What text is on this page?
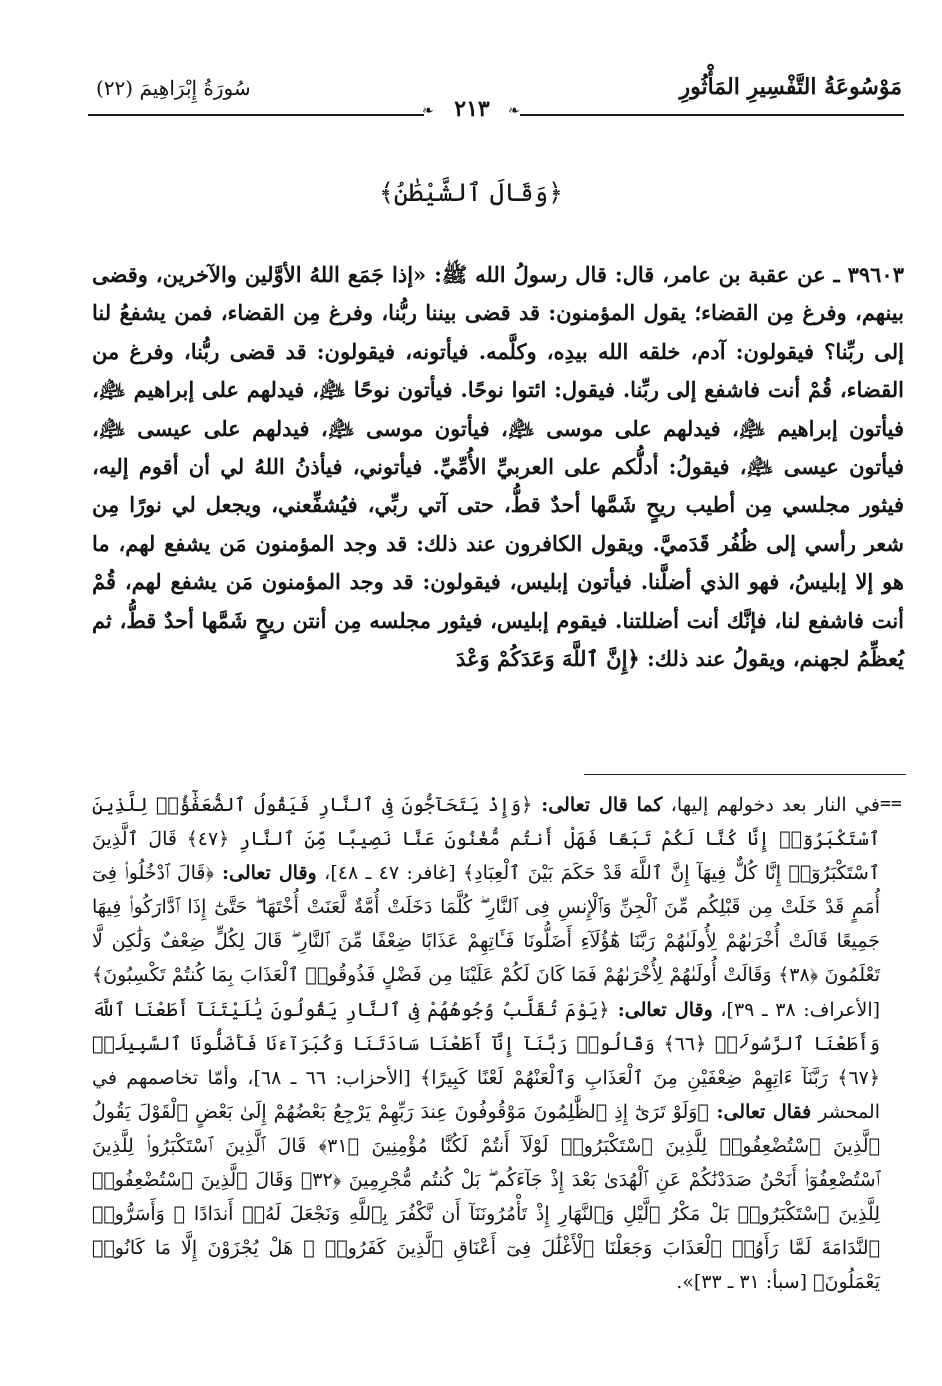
مَوْسُوعَةُ التَّفْسِيرِ المَأْثُورِ
سُورَةُ إِبْرَاهِيمَ (٢٢)
❧ ٢١٣	❧
﴿وَقَالَ ٱلشَّيْطَٰنُ﴾

٣٩٦٠٣ ـ عن عقبة بن عامر، قال: قال رسولُ الله ﷺ: «إذا جَمَع اللهُ الأوَّلين والآخرين، وقضى بينهم، وفرغ مِن القضاء؛ يقول المؤمنون: قد قضى بيننا ربُّنا، وفرغ مِن القضاء، فمن يشفعُ لنا إلى ربِّنا؟ فيقولون: آدم، خلقه الله بيدِه، وكلَّمه. فيأتونه، فيقولون: قد قضى ربُّنا، وفرغ من القضاء، قُمْ أنت فاشفع إلى ربِّنا. فيقول: ائتوا نوحًا. فيأتون نوحًا ﵇، فيدلهم على إبراهيم ﵇، فيأتون إبراهيم ﵇، فيدلهم على موسى ﵇، فيأتون موسى ﵇، فيدلهم على عيسى ﵇، فيأتون عيسى ﵇، فيقولُ: أدلُّكم على العربيِّ الأُمِّيِّ. فيأتوني، فيأذنُ اللهُ لي أن أقوم إليه، فيثور مجلسي مِن أطيب ريحٍ شَمَّها أحدٌ قطُّ، حتى آتي ربِّي، فيُشفِّعني، ويجعل لي نورًا مِن شعر رأسي إلى ظُفُر قَدَميَّ. ويقول الكافرون عند ذلك: قد وجد المؤمنون مَن يشفع لهم، ما هو إلا إبليسُ، فهو الذي أضلَّنا. فيأتون إبليس، فيقولون: قد وجد المؤمنون مَن يشفع لهم، قُمْ أنت فاشفع لنا، فإنَّك أنت أضللتنا. فيقوم إبليس، فيثور مجلسه مِن أنتن ريحٍ شَمَّها أحدٌ قطُّ، ثم يُعظِّمُ لجهنم، ويقولُ عند ذلك: ﴿إِنَّ ٱللَّهَ وَعَدَكُمْ وَعْدَ

==

في النار بعد دخولهم إليها، كما قال تعالى: ﴿وَإِذْ يَتَحَآجُّونَ فِى ٱلنَّارِ فَيَقُولُ ٱلضُّعَفَٰٓؤُا۟ لِلَّذِينَ ٱسْتَكْبَرُوٓا۟ إِنَّا كُنَّا لَكُمْ تَبَعًا فَهَلْ أَنتُم مُّغْنُونَ عَنَّا نَصِيبًا مِّنَ ٱلنَّارِ ﴿٤٧﴾ قَالَ ٱلَّذِينَ ٱسْتَكْبَرُوٓا۟ إِنَّا كُلٌّ فِيهَآ إِنَّ ٱللَّهَ قَدْ حَكَمَ بَيْنَ ٱلْعِبَادِ﴾ [غافر: ٤٧ ـ ٤٨]، وقال تعالى: ﴿قَالَ ٱدْخُلُوا۟ فِىٓ أُمَمٍ قَدْ خَلَتْ مِن قَبْلِكُم مِّنَ ٱلْجِنِّ وَٱلْإِنسِ فِى ٱلنَّارِ ۖ كُلَّمَا دَخَلَتْ أُمَّةٌ لَّعَنَتْ أُخْتَهَا ۖ حَتَّىٰٓ إِذَا ٱدَّارَكُوا۟ فِيهَا جَمِيعًا قَالَتْ أُخْرَىٰهُمْ لِأُولَىٰهُمْ رَبَّنَا هَٰٓؤُلَآءِ أَضَلُّونَا فَـَٔاتِهِمْ عَذَابًا ضِعْفًا مِّنَ ٱلنَّارِ ۖ قَالَ لِكُلٍّ ضِعْفٌ وَلَٰكِن لَّا تَعْلَمُونَ ﴿٣٨﴾ وَقَالَتْ أُولَىٰهُمْ لِأُخْرَىٰهُمْ فَمَا كَانَ لَكُمْ عَلَيْنَا مِن فَضْلٍ فَذُوقُوا۟ ٱلْعَذَابَ بِمَا كُنتُمْ تَكْسِبُونَ﴾ [الأعراف: ٣٨ ـ ٣٩]، وقال تعالى: ﴿يَوْمَ تُقَلَّبُ وُجُوهُهُمْ فِى ٱلنَّارِ يَقُولُونَ يَٰلَيْتَنَآ أَطَعْنَا ٱللَّهَ وَأَطَعْنَا ٱلرَّسُولَا۠ ﴿٦٦﴾ وَقَالُوا۟ رَبَّنَآ إِنَّآ أَطَعْنَا سَادَتَنَا وَكُبَرَآءَنَا فَأَضَلُّونَا ٱلسَّبِيلَا۠ ﴿٦٧﴾ رَبَّنَآ ءَاتِهِمْ ضِعْفَيْنِ مِنَ ٱلْعَذَابِ وَٱلْعَنْهُمْ لَعْنًا كَبِيرًا﴾ [الأحزاب: ٦٦ ـ ٦٨]، وأمّا تخاصمهم في المحشر فقال تعالى: ﴿وَلَوْ تَرَىٰٓ إِذِ ٱلظَّٰلِمُونَ مَوْقُوفُونَ عِندَ رَبِّهِمْ يَرْجِعُ بَعْضُهُمْ إِلَىٰ بَعْضٍ ٱلْقَوْلَ يَقُولُ ٱلَّذِينَ ٱسْتُضْعِفُوا۟ لِلَّذِينَ ٱسْتَكْبَرُوا۟ لَوْلَآ أَنتُمْ لَكُنَّا مُؤْمِنِينَ ﴿٣١﴾ قَالَ ٱلَّذِينَ ٱسْتَكْبَرُوا۟ لِلَّذِينَ ٱسْتُضْعِفُوٓا۟ أَنَحْنُ صَدَدْنَٰكُمْ عَنِ ٱلْهُدَىٰ بَعْدَ إِذْ جَآءَكُم ۖ بَلْ كُنتُم مُّجْرِمِينَ ﴿٣٢﴾ وَقَالَ ٱلَّذِينَ ٱسْتُضْعِفُوا۟ لِلَّذِينَ ٱسْتَكْبَرُوا۟ بَلْ مَكْرُ ٱلَّيْلِ وَٱلنَّهَارِ إِذْ تَأْمُرُونَنَآ أَن نَّكْفُرَ بِٱللَّهِ وَنَجْعَلَ لَهُۥٓ أَندَادًا ۚ وَأَسَرُّوا۟ ٱلنَّدَامَةَ لَمَّا رَأَوُا۟ ٱلْعَذَابَ وَجَعَلْنَا ٱلْأَغْلَٰلَ فِىٓ أَعْنَاقِ ٱلَّذِينَ كَفَرُوا۟ ۚ هَلْ يُجْزَوْنَ إِلَّا مَا كَانُوا۟ يَعْمَلُونَ﴾ [سبأ: ٣١ ـ ٣٣]».
